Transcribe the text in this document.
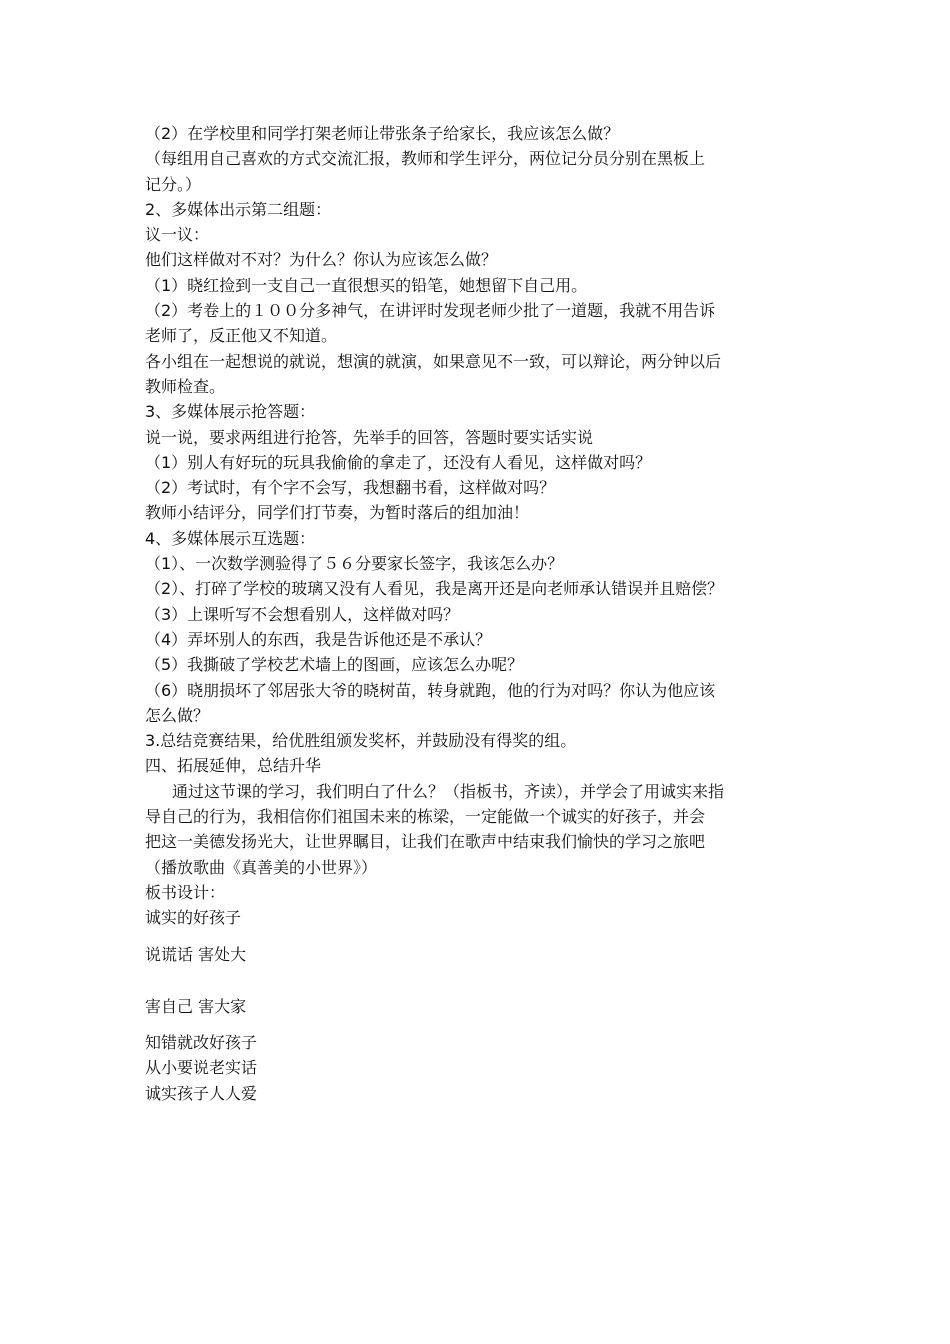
（2）在学校里和同学打架老师让带张条子给家长，我应该怎么做？

（每组用自己喜欢的方式交流汇报，教师和学生评分，两位记分员分别在黑板上

记分。）

2、多媒体出示第二组题：

议一议：

他们这样做对不对？为什么？你认为应该怎么做？

（1）晓红捡到一支自己一直很想买的铅笔，她想留下自己用。

（2）考卷上的１００分多神气，在讲评时发现老师少批了一道题，我就不用告诉

老师了，反正他又不知道。

各小组在一起想说的就说，想演的就演，如果意见不一致，可以辩论，两分钟以后

教师检查。

3、多媒体展示抢答题：

说一说，要求两组进行抢答，先举手的回答，答题时要实话实说

（1）别人有好玩的玩具我偷偷的拿走了，还没有人看见，这样做对吗？

（2）考试时，有个字不会写，我想翻书看，这样做对吗？

教师小结评分，同学们打节奏，为暂时落后的组加油！

4、多媒体展示互选题：

（1）、一次数学测验得了５６分要家长签字，我该怎么办？

（2）、打碎了学校的玻璃又没有人看见，我是离开还是向老师承认错误并且赔偿？

（3）上课听写不会想看别人，这样做对吗？

（4）弄坏别人的东西，我是告诉他还是不承认？

（5）我撕破了学校艺术墙上的图画，应该怎么办呢？

（6）晓朋损坏了邻居张大爷的晓树苗，转身就跑，他的行为对吗？你认为他应该

怎么做？

3.总结竞赛结果，给优胜组颁发奖杯，并鼓励没有得奖的组。

四、拓展延伸，总结升华

通过这节课的学习，我们明白了什么？（指板书，齐读），并学会了用诚实来指

导自己的行为，我相信你们祖国未来的栋梁，一定能做一个诚实的好孩子，并会

把这一美德发扬光大，让世界瞩目，让我们在歌声中结束我们愉快的学习之旅吧

（播放歌曲《真善美的小世界》）

板书设计：

诚实的好孩子

说谎话 害处大

害自己 害大家

知错就改好孩子

从小要说老实话

诚实孩子人人爱
